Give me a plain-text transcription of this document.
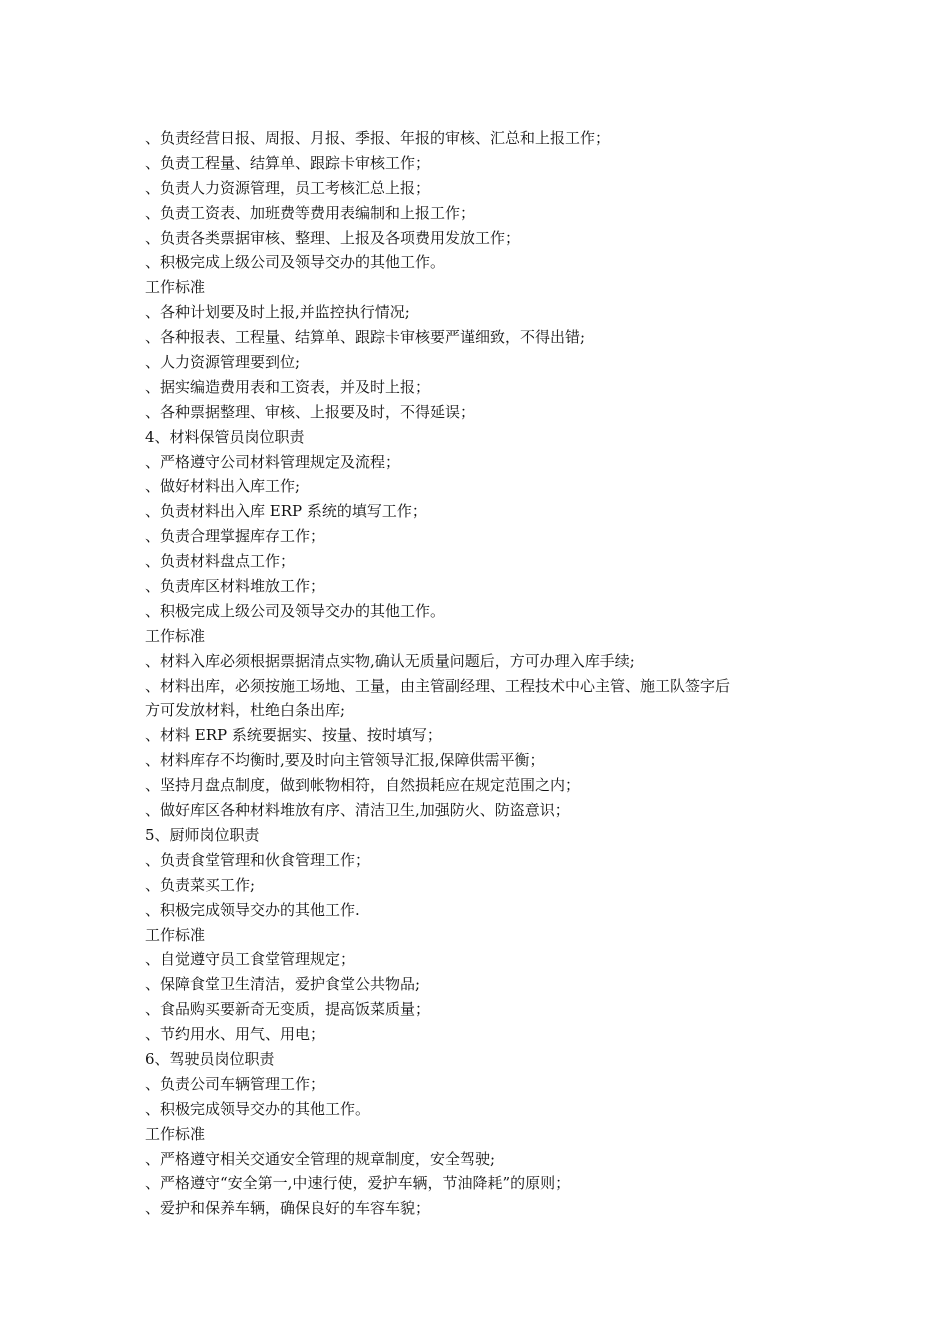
、负责经营日报、周报、月报、季报、年报的审核、汇总和上报工作；
、负责工程量、结算单、跟踪卡审核工作；
、负责人力资源管理，员工考核汇总上报；
、负责工资表、加班费等费用表编制和上报工作；
、负责各类票据审核、整理、上报及各项费用发放工作；
、积极完成上级公司及领导交办的其他工作。
工作标准
、各种计划要及时上报,并监控执行情况;
、各种报表、工程量、结算单、跟踪卡审核要严谨细致，不得出错;
、人力资源管理要到位;
、据实编造费用表和工资表，并及时上报；
、各种票据整理、审核、上报要及时，不得延误；
4、材料保管员岗位职责
、严格遵守公司材料管理规定及流程；
、做好材料出入库工作;
、负责材料出入库 ERP 系统的填写工作；
、负责合理掌握库存工作；
、负责材料盘点工作；
、负责库区材料堆放工作；
、积极完成上级公司及领导交办的其他工作。
工作标准
、材料入库必须根据票据清点实物,确认无质量问题后，方可办理入库手续;
、材料出库，必须按施工场地、工量，由主管副经理、工程技术中心主管、施工队签字后
方可发放材料，杜绝白条出库;
、材料 ERP 系统要据实、按量、按时填写；
、材料库存不均衡时,要及时向主管领导汇报,保障供需平衡；
、坚持月盘点制度，做到帐物相符，自然损耗应在规定范围之内；
、做好库区各种材料堆放有序、清洁卫生,加强防火、防盗意识；
5、厨师岗位职责
、负责食堂管理和伙食管理工作；
、负责菜买工作;
、积极完成领导交办的其他工作.
工作标准
、自觉遵守员工食堂管理规定；
、保障食堂卫生清洁，爱护食堂公共物品;
、食品购买要新奇无变质，提高饭菜质量；
、节约用水、用气、用电；
6、驾驶员岗位职责
、负责公司车辆管理工作；
、积极完成领导交办的其他工作。
工作标准
、严格遵守相关交通安全管理的规章制度，安全驾驶;
、严格遵守“安全第一,中速行使，爱护车辆，节油降耗”的原则；
、爱护和保养车辆，确保良好的车容车貌；
